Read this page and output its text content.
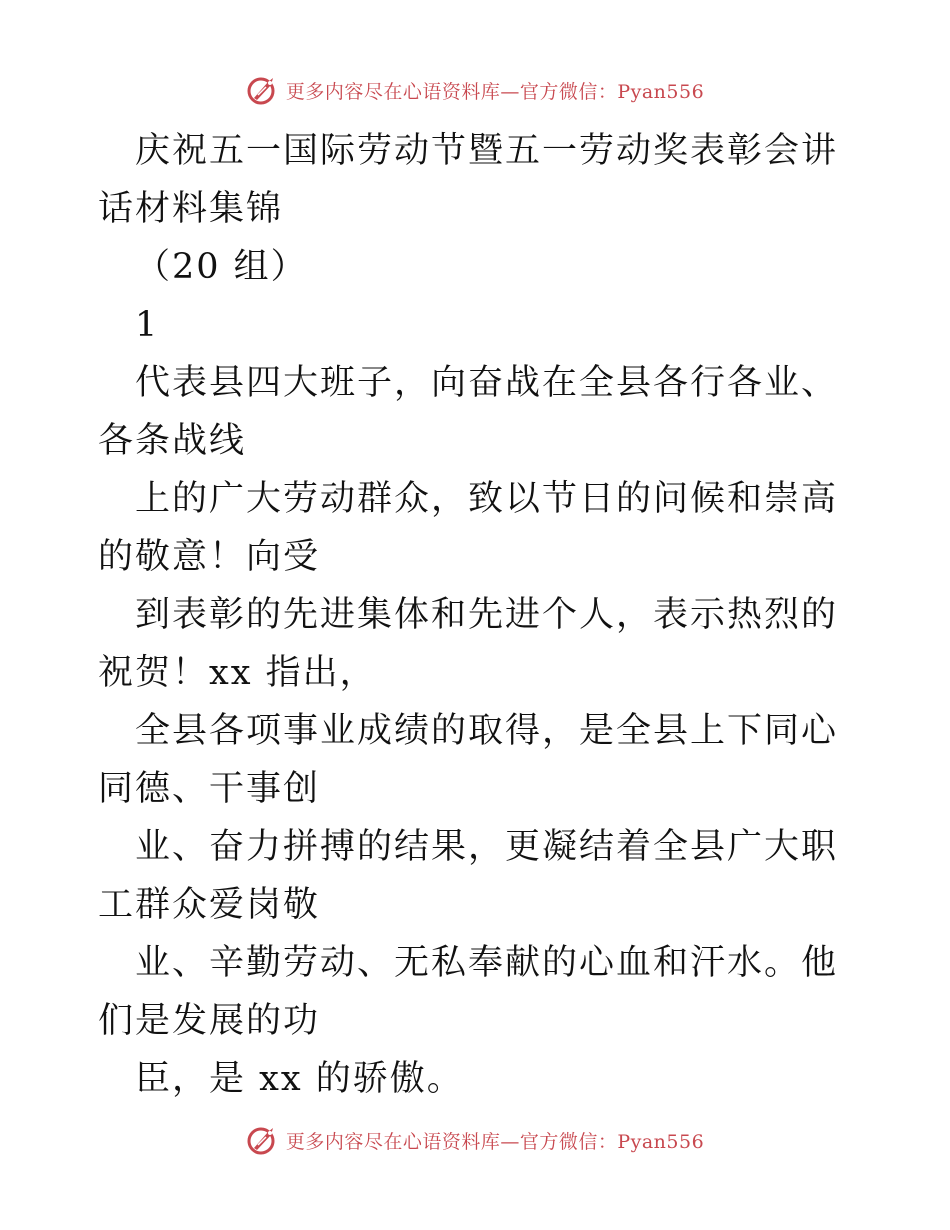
更多内容尽在心语资料库—官方微信：Pyan556

庆祝五一国际劳动节暨五一劳动奖表彰会讲话材料集锦

（20 组）

1

代表县四大班子，向奋战在全县各行各业、各条战线

上的广大劳动群众，致以节日的问候和崇高的敬意！向受

到表彰的先进集体和先进个人，表示热烈的祝贺！xx 指出，

全县各项事业成绩的取得，是全县上下同心同德、干事创

业、奋力拼搏的结果，更凝结着全县广大职工群众爱岗敬

业、辛勤劳动、无私奉献的心血和汗水。他们是发展的功

臣，是 xx 的骄傲。

更多内容尽在心语资料库—官方微信：Pyan556
